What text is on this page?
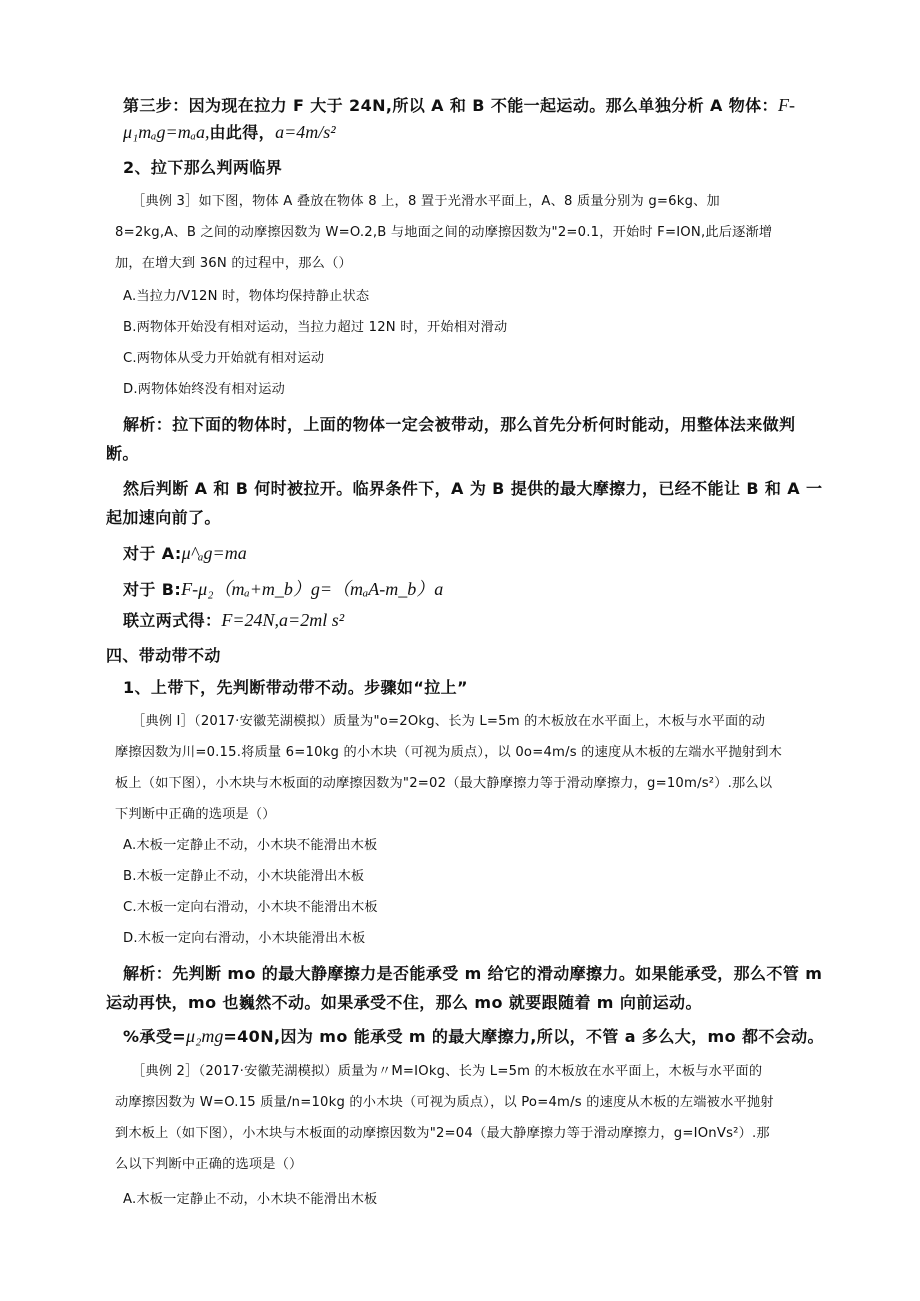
第三步：因为现在拉力 F 大于 24N,所以 A 和 B 不能一起运动。那么单独分析 A 物体：F-
μ₁mₐg=mₐa,由此得，a=4m/s²
2、拉下那么判两临界
［典例 3］如下图，物体 A 叠放在物体 8 上，8 置于光滑水平面上，A、8 质量分别为 g=6kg、加
8=2kg,A、B 之间的动摩擦因数为 W=O.2,B 与地面之间的动摩擦因数为"2=0.1，开始时 F=ION,此后逐渐增
加，在增大到 36N 的过程中，那么（）
A.当拉力/V12N 时，物体均保持静止状态
B.两物体开始没有相对运动，当拉力超过 12N 时，开始相对滑动
C.两物体从受力开始就有相对运动
D.两物体始终没有相对运动
解析：拉下面的物体时，上面的物体一定会被带动，那么首先分析何时能动，用整体法来做判
断。
然后判断 A 和 B 何时被拉开。临界条件下，A 为 B 提供的最大摩擦力，已经不能让 B 和 A 一
起加速向前了。
对于 A:μ^ₐg=ma
对于 B:F-μ₂（mₐ+m_b）g=（mₐA-m_b）a
联立两式得：F=24N,a=2ml s²
四、带动带不动
1、上带下，先判断带动带不动。步骤如“拉上”
［典例 I］（2017·安徽芜湖模拟）质量为"o=2Okg、长为 L=5m 的木板放在水平面上，木板与水平面的动
摩擦因数为川=0.15.将质量 6=10kg 的小木块（可视为质点），以 0o=4m/s 的速度从木板的左端水平抛射到木
板上（如下图），小木块与木板面的动摩擦因数为"2=02（最大静摩擦力等于滑动摩擦力，g=10m∕s²）.那么以
下判断中正确的选项是（）
A.木板一定静止不动，小木块不能滑出木板
B.木板一定静止不动，小木块能滑出木板
C.木板一定向右滑动，小木块不能滑出木板
D.木板一定向右滑动，小木块能滑出木板
解析：先判断 mo 的最大静摩擦力是否能承受 m 给它的滑动摩擦力。如果能承受，那么不管 m
运动再快，mo 也巍然不动。如果承受不住，那么 mo 就要跟随着 m 向前运动。
%承受=μ₂mg=40N,因为 mo 能承受 m 的最大摩擦力,所以，不管 a 多么大，mo 都不会动。
［典例 2］（2017·安徽芜湖模拟）质量为〃M=IOkg、长为 L=5m 的木板放在水平面上，木板与水平面的
动摩擦因数为 W=O.15 质量/n=10kg 的小木块（可视为质点），以 Po=4m/s 的速度从木板的左端被水平抛射
到木板上（如下图），小木块与木板面的动摩擦因数为"2=04（最大静摩擦力等于滑动摩擦力，g=IOnVs²）.那
么以下判断中正确的选项是（）
A.木板一定静止不动，小木块不能滑出木板
